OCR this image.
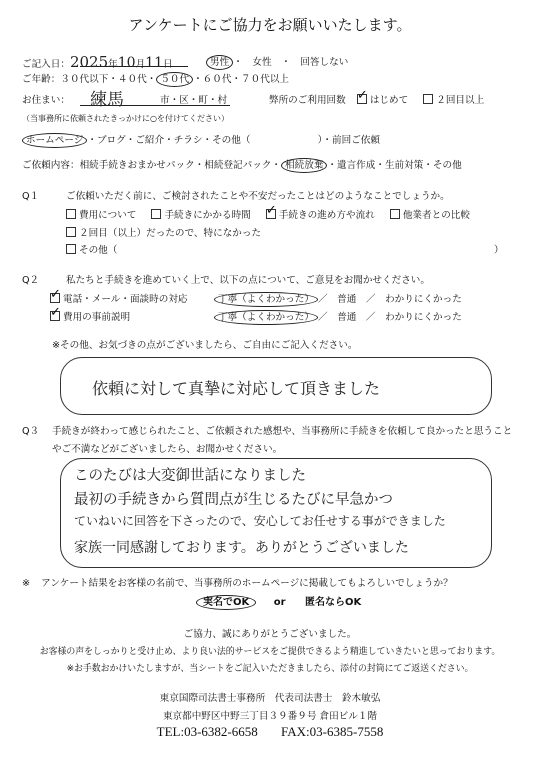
アンケートにご協力をお願いいたします。
ご記入日：2025年10月11日	男性 ・　女性　・　回答しない
ご年齢：３０代以下・４０代・ ５０代 ・６０代・７０代以上
お住まい： 練馬	市・区・町・村	弊所のご利用回数 ✓ はじめて	２回目以上
（当事務所に依頼されたきっかけに○を付けてください）
ホームページ ・ブログ・ご紹介・チラシ・その他（　　　　　　　）・前回ご依頼
ご依頼内容：相続手続きおまかせパック・相続登記パック・ 相続放棄 ・遺言作成・生前対策・その他
Q１	ご依頼いただく前に、ご検討されたことや不安だったことはどのようなことでしょうか。
費用について	手続きにかかる時間 ✓ 手続きの進め方や流れ	他業者との比較
２回目（以上）だったので、特になかった
その他（	）
Q２	私たちと手続きを進めていく上で、以下の点について、ご意見をお聞かせください。
✓ 電話・メール・面談時の対応	丁寧（よくわかった） ／　普通　／　わかりにくかった
✓ 費用の事前説明	丁寧（よくわかった） ／　普通　／　わかりにくかった
※その他、お気づきの点がございましたら、ご自由にご記入ください。
依頼に対して真摯に対応して頂きました
Q３ 手続きが終わって感じられたこと、ご依頼された感想や、当事務所に手続きを依頼して良かったと思うこと
やご不満などがございましたら、お聞かせください。
このたびは大変御世話になりました
最初の手続きから質問点が生じるたびに早急かつ
ていねいに回答を下さったので、安心してお任せする事ができました
家族一同感謝しております。ありがとうございました
※ アンケート結果をお客様の名前で、当事務所のホームページに掲載してもよろしいでしょうか？
実名でOK or 匿名ならOK
ご協力、誠にありがとうございました。
お客様の声をしっかりと受け止め、より良い法的サービスをご提供できるよう精進していきたいと思っております。
※お手数おかけいたしますが、当シートをご記入いただきましたら、添付の封筒にてご返送ください。
東京国際司法書士事務所　代表司法書士　鈴木敏弘
東京都中野区中野三丁目３９番９号 倉田ビル１階
TEL:03-6382-6658 FAX:03-6385-7558
